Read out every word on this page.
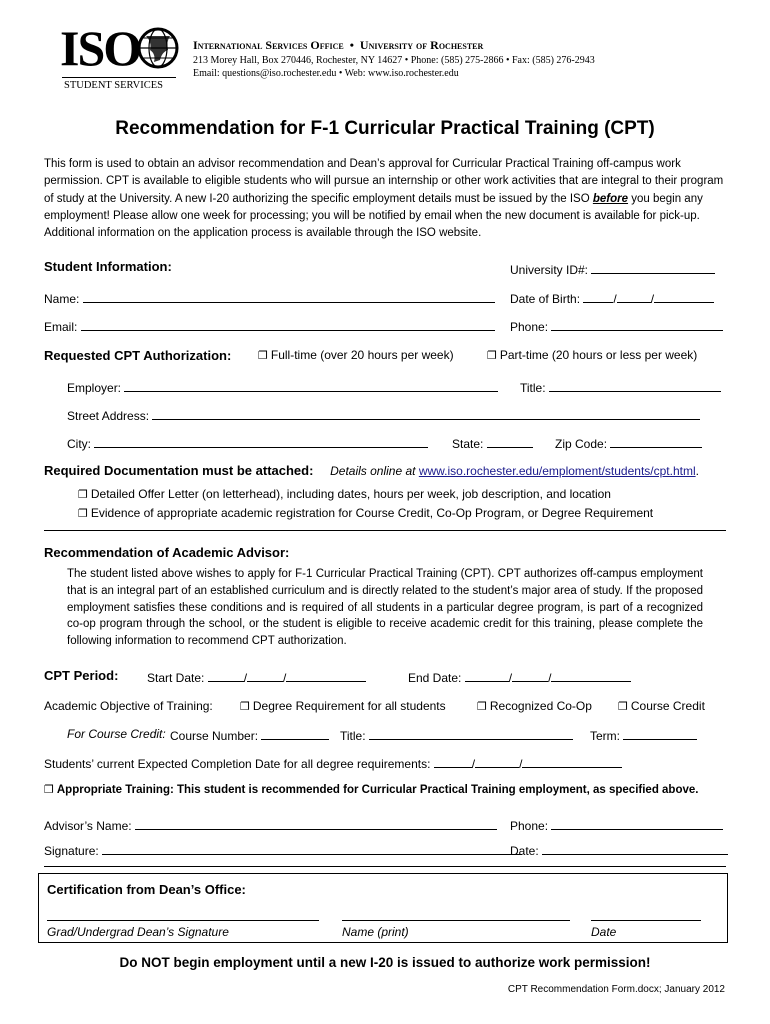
ISO
STUDENT SERVICES
International Services Office  •  University of Rochester
213 Morey Hall, Box 270446, Rochester, NY 14627 • Phone: (585) 275-2866 • Fax: (585) 276-2943
Email: questions@iso.rochester.edu • Web: www.iso.rochester.edu
Recommendation for F-1 Curricular Practical Training (CPT)
This form is used to obtain an advisor recommendation and Dean’s approval for Curricular Practical Training off-campus work permission. CPT is available to eligible students who will pursue an internship or other work activities that are integral to their program of study at the University. A new I-20 authorizing the specific employment details must be issued by the ISO before you begin any employment! Please allow one week for processing; you will be notified by email when the new document is available for pick-up. Additional information on the application process is available through the ISO website.
Student Information:	University ID#:
Name:	Date of Birth:	/	/
Email:	Phone:
Requested CPT Authorization: ❐ Full-time (over 20 hours per week)	❐ Part-time (20 hours or less per week)
Employer:	Title:
Street Address:
City:	State:	Zip Code:
Required Documentation must be attached: Details online at www.iso.rochester.edu/emploment/students/cpt.html.
❐ Detailed Offer Letter (on letterhead), including dates, hours per week, job description, and location
❐ Evidence of appropriate academic registration for Course Credit, Co-Op Program, or Degree Requirement
Recommendation of Academic Advisor:
The student listed above wishes to apply for F-1 Curricular Practical Training (CPT). CPT authorizes off-campus employment that is an integral part of an established curriculum and is directly related to the student’s major area of study. If the proposed employment satisfies these conditions and is required of all students in a particular degree program, is part of a recognized co-op program through the school, or the student is eligible to receive academic credit for this training, please complete the following information to recommend CPT authorization.
CPT Period: Start Date:	/	/	End Date:	/	/
Academic Objective of Training: ❐ Degree Requirement for all students	❐ Recognized Co-Op ❐ Course Credit
For Course Credit: Course Number:	Title:	Term:
Students’ current Expected Completion Date for all degree requirements:	/	/
❐ Appropriate Training: This student is recommended for Curricular Practical Training employment, as specified above.
Advisor’s Name:	Phone:
Signature:	Date:
Certification from Dean’s Office:
Grad/Undergrad Dean’s Signature	Name (print)	Date
Do NOT begin employment until a new I-20 is issued to authorize work permission!
CPT Recommendation Form.docx; January 2012
